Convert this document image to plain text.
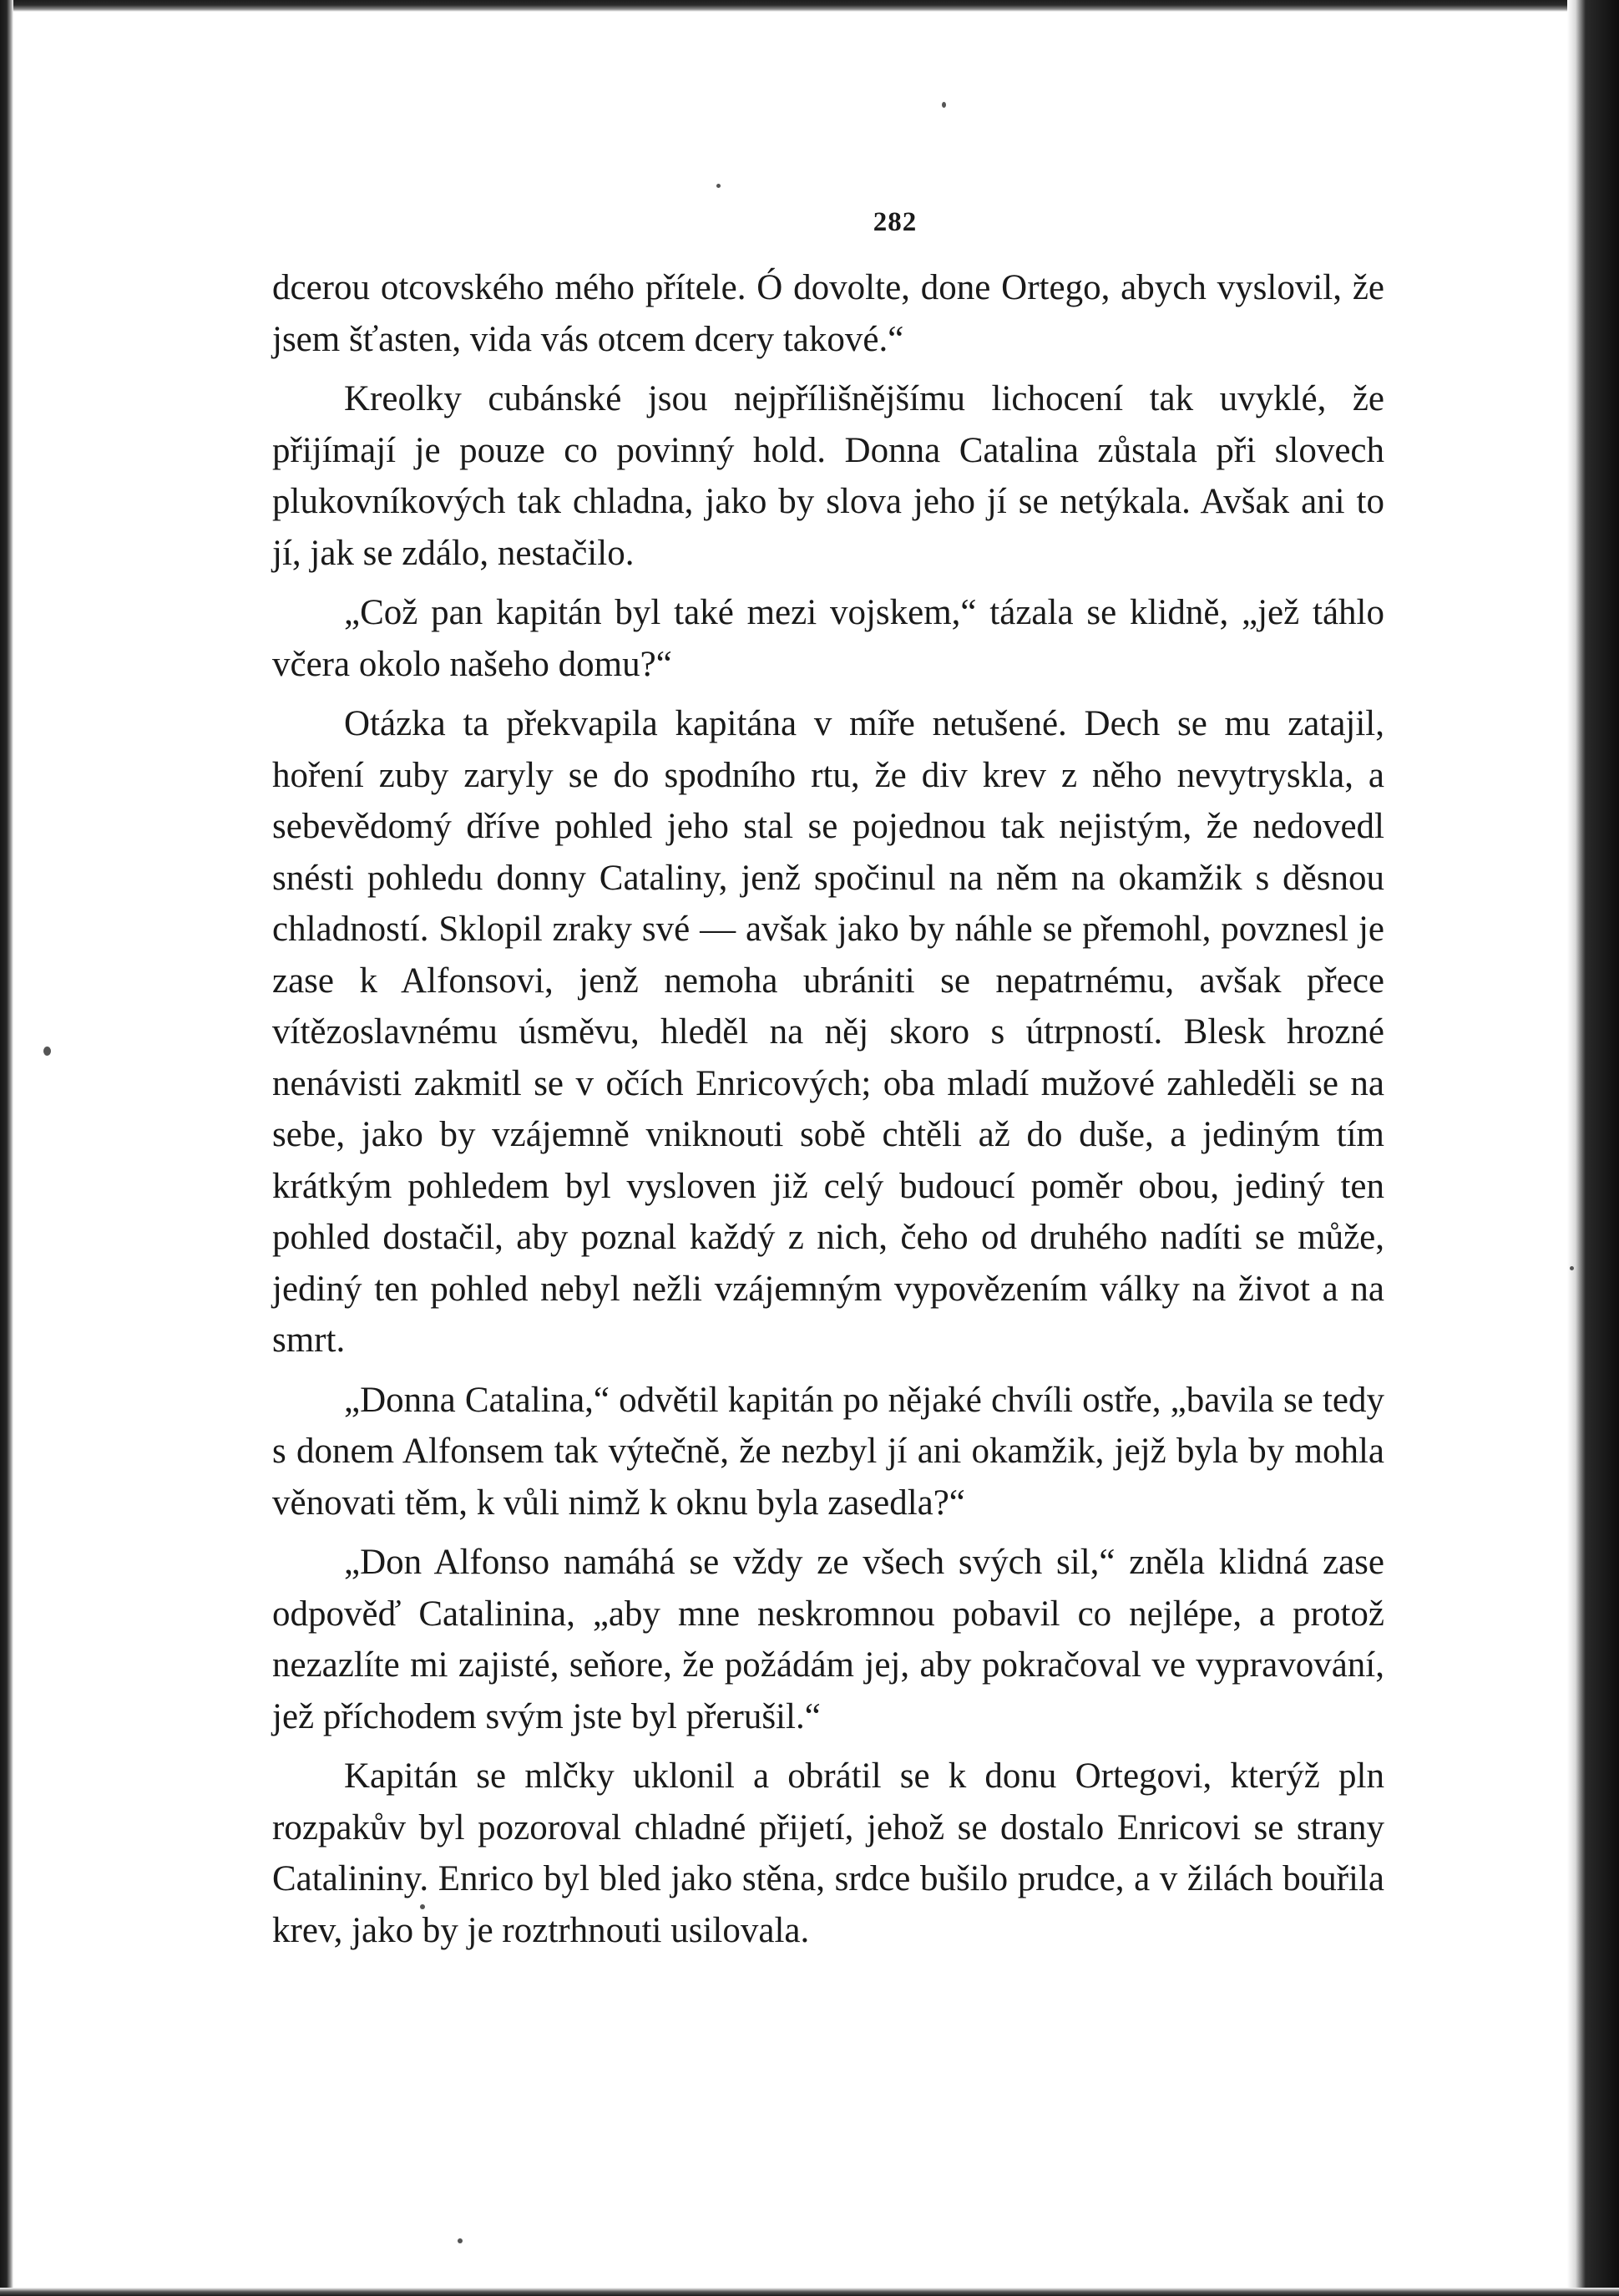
282

dcerou otcovského mého přítele. Ó dovolte, done Ortego, abych vyslovil, že jsem šťasten, vida vás otcem dcery takové.“

Kreolky cubánské jsou nejpřílišnějšímu lichocení tak uvyklé, že přijímají je pouze co povinný hold. Donna Catalina zůstala při slovech plukovníkových tak chladna, jako by slova jeho jí se netýkala. Avšak ani to jí, jak se zdálo, nestačilo.

„Což pan kapitán byl také mezi vojskem,“ tázala se klidně, „jež táhlo včera okolo našeho domu?“

Otázka ta překvapila kapitána v míře netušené. Dech se mu zatajil, hoření zuby zaryly se do spodního rtu, že div krev z něho nevytryskla, a sebevědomý dříve pohled jeho stal se pojednou tak nejistým, že nedovedl snésti pohledu donny Cataliny, jenž spočinul na něm na okamžik s děsnou chladností. Sklopil zraky své — avšak jako by náhle se přemohl, povznesl je zase k Alfonsovi, jenž nemoha ubrániti se nepatrnému, avšak přece vítězoslavnému úsměvu, hleděl na něj skoro s útrpností. Blesk hrozné nenávisti zakmitl se v očích Enricových; oba mladí mužové zahleděli se na sebe, jako by vzájemně vniknouti sobě chtěli až do duše, a jediným tím krátkým pohledem byl vysloven již celý budoucí poměr obou, jediný ten pohled dostačil, aby poznal každý z nich, čeho od druhého nadíti se může, jediný ten pohled nebyl nežli vzájemným vypovězením války na život a na smrt.

„Donna Catalina,“ odvětil kapitán po nějaké chvíli ostře, „bavila se tedy s donem Alfonsem tak výtečně, že nezbyl jí ani okamžik, jejž byla by mohla věnovati těm, k vůli nimž k oknu byla zasedla?“

„Don Alfonso namáhá se vždy ze všech svých sil,“ zněla klidná zase odpověď Catalinina, „aby mne neskromnou pobavil co nejlépe, a protož nezazlíte mi zajisté, seňore, že požádám jej, aby pokračoval ve vypravování, jež příchodem svým jste byl přerušil.“

Kapitán se mlčky uklonil a obrátil se k donu Ortegovi, kterýž pln rozpakův byl pozoroval chladné přijetí, jehož se dostalo Enricovi se strany Catalininy. Enrico byl bled jako stěna, srdce bušilo prudce, a v žilách bouřila krev, jako by je roztrhnouti usilovala.
